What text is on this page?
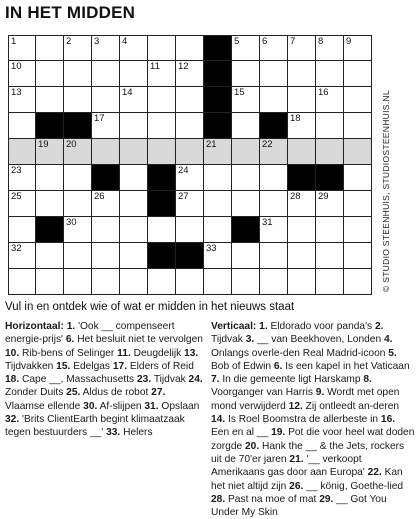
IN HET MIDDEN
1	2 3 4	5 6 7 8 9
10	11 12
13	14	15	16
17	18
19 20	21	22
23	24
25	26	27	28 29
30	31
32	33	© STUDIO STEENHUIS, STUDIOSTEENHUIS.NL
Vul in en ontdek wie of wat er midden in het nieuws staat

Horizontaal: 1. 'Ook __ compenseert energie-prijs' 6. Het besluit niet te vervolgen 10. Rib-bens of Selinger 11. Deugdelijk 13. Tijdvakken 15. Edelgas 17. Elders of Reid 18. Cape __, Massachusetts 23. Tijdvak 24. Zonder Duits 25. Aldus de robot 27. Vlaamse ellende 30. Af-slijpen 31. Opslaan 32. 'Brits ClientEarth begint klimaatzaak tegen bestuurders __' 33. Helers

Verticaal: 1. Eldorado voor panda's 2. Tijdvak 3. __ van Beekhoven, Londen 4. Onlangs overle-den Real Madrid-icoon 5. Bob of Edwin 6. Is een kapel in het Vaticaan 7. In die gemeente ligt Harskamp 8. Voorganger van Harris 9. Wordt met open mond verwijderd 12. Zij ontleedt an-deren 14. Is Roel Boomstra de allerbeste in 16. Een en al __ 19. Pot die voor heel wat doden zorgde 20. Hank the __ & the Jets, rockers uit de 70'er jaren 21. '__ verkoopt Amerikaans gas door aan Europa' 22. Kan het niet altijd zijn 26. __ könig, Goethe-lied 28. Past na moe of mat 29. __ Got You Under My Skin
